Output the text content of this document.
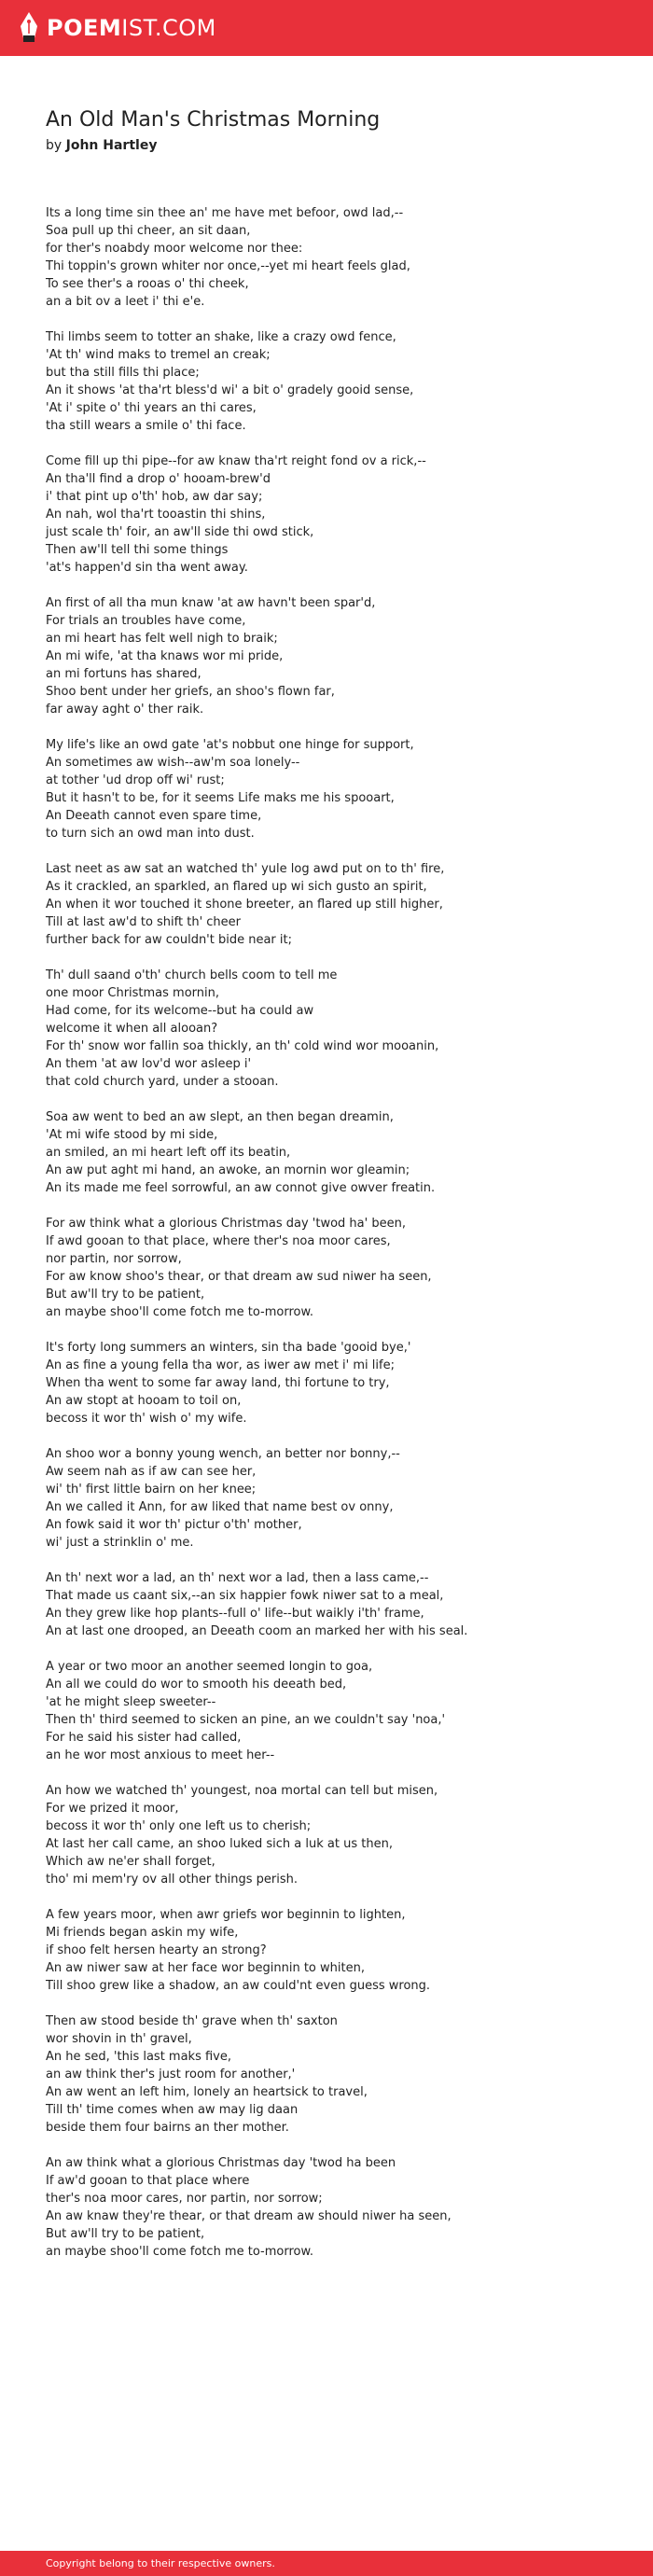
POEMIST.COM
An Old Man's Christmas Morning
by John Hartley
Its a long time sin thee an' me have met befoor, owd lad,--
Soa pull up thi cheer, an sit daan,
for ther's noabdy moor welcome nor thee:
Thi toppin's grown whiter nor once,--yet mi heart feels glad,
To see ther's a rooas o' thi cheek,
an a bit ov a leet i' thi e'e.
Thi limbs seem to totter an shake, like a crazy owd fence,
'At th' wind maks to tremel an creak;
but tha still fills thi place;
An it shows 'at tha'rt bless'd wi' a bit o' gradely gooid sense,
'At i' spite o' thi years an thi cares,
tha still wears a smile o' thi face.
Come fill up thi pipe--for aw knaw tha'rt reight fond ov a rick,--
An tha'll find a drop o' hooam-brew'd
i' that pint up o'th' hob, aw dar say;
An nah, wol tha'rt tooastin thi shins,
just scale th' foir, an aw'll side thi owd stick,
Then aw'll tell thi some things
'at's happen'd sin tha went away.
An first of all tha mun knaw 'at aw havn't been spar'd,
For trials an troubles have come,
an mi heart has felt well nigh to braik;
An mi wife, 'at tha knaws wor mi pride,
an mi fortuns has shared,
Shoo bent under her griefs, an shoo's flown far,
far away aght o' ther raik.
My life's like an owd gate 'at's nobbut one hinge for support,
An sometimes aw wish--aw'm soa lonely--
at tother 'ud drop off wi' rust;
But it hasn't to be, for it seems Life maks me his spooart,
An Deeath cannot even spare time,
to turn sich an owd man into dust.
Last neet as aw sat an watched th' yule log awd put on to th' fire,
As it crackled, an sparkled, an flared up wi sich gusto an spirit,
An when it wor touched it shone breeter, an flared up still higher,
Till at last aw'd to shift th' cheer
further back for aw couldn't bide near it;
Th' dull saand o'th' church bells coom to tell me
one moor Christmas mornin,
Had come, for its welcome--but ha could aw
welcome it when all alooan?
For th' snow wor fallin soa thickly, an th' cold wind wor mooanin,
An them 'at aw lov'd wor asleep i'
that cold church yard, under a stooan.
Soa aw went to bed an aw slept, an then began dreamin,
'At mi wife stood by mi side,
an smiled, an mi heart left off its beatin,
An aw put aght mi hand, an awoke, an mornin wor gleamin;
An its made me feel sorrowful, an aw connot give owver freatin.
For aw think what a glorious Christmas day 'twod ha' been,
If awd gooan to that place, where ther's noa moor cares,
nor partin, nor sorrow,
For aw know shoo's thear, or that dream aw sud niwer ha seen,
But aw'll try to be patient,
an maybe shoo'll come fotch me to-morrow.
It's forty long summers an winters, sin tha bade 'gooid bye,'
An as fine a young fella tha wor, as iwer aw met i' mi life;
When tha went to some far away land, thi fortune to try,
An aw stopt at hooam to toil on,
becoss it wor th' wish o' my wife.
An shoo wor a bonny young wench, an better nor bonny,--
Aw seem nah as if aw can see her,
wi' th' first little bairn on her knee;
An we called it Ann, for aw liked that name best ov onny,
An fowk said it wor th' pictur o'th' mother,
wi' just a strinklin o' me.
An th' next wor a lad, an th' next wor a lad, then a lass came,--
That made us caant six,--an six happier fowk niwer sat to a meal,
An they grew like hop plants--full o' life--but waikly i'th' frame,
An at last one drooped, an Deeath coom an marked her with his seal.
A year or two moor an another seemed longin to goa,
An all we could do wor to smooth his deeath bed,
'at he might sleep sweeter--
Then th' third seemed to sicken an pine, an we couldn't say 'noa,'
For he said his sister had called,
an he wor most anxious to meet her--
An how we watched th' youngest, noa mortal can tell but misen,
For we prized it moor,
becoss it wor th' only one left us to cherish;
At last her call came, an shoo luked sich a luk at us then,
Which aw ne'er shall forget,
tho' mi mem'ry ov all other things perish.
A few years moor, when awr griefs wor beginnin to lighten,
Mi friends began askin my wife,
if shoo felt hersen hearty an strong?
An aw niwer saw at her face wor beginnin to whiten,
Till shoo grew like a shadow, an aw could'nt even guess wrong.
Then aw stood beside th' grave when th' saxton
wor shovin in th' gravel,
An he sed, 'this last maks five,
an aw think ther's just room for another,'
An aw went an left him, lonely an heartsick to travel,
Till th' time comes when aw may lig daan
beside them four bairns an ther mother.
An aw think what a glorious Christmas day 'twod ha been
If aw'd gooan to that place where
ther's noa moor cares, nor partin, nor sorrow;
An aw knaw they're thear, or that dream aw should niwer ha seen,
But aw'll try to be patient,
an maybe shoo'll come fotch me to-morrow.
Copyright belong to their respective owners.
